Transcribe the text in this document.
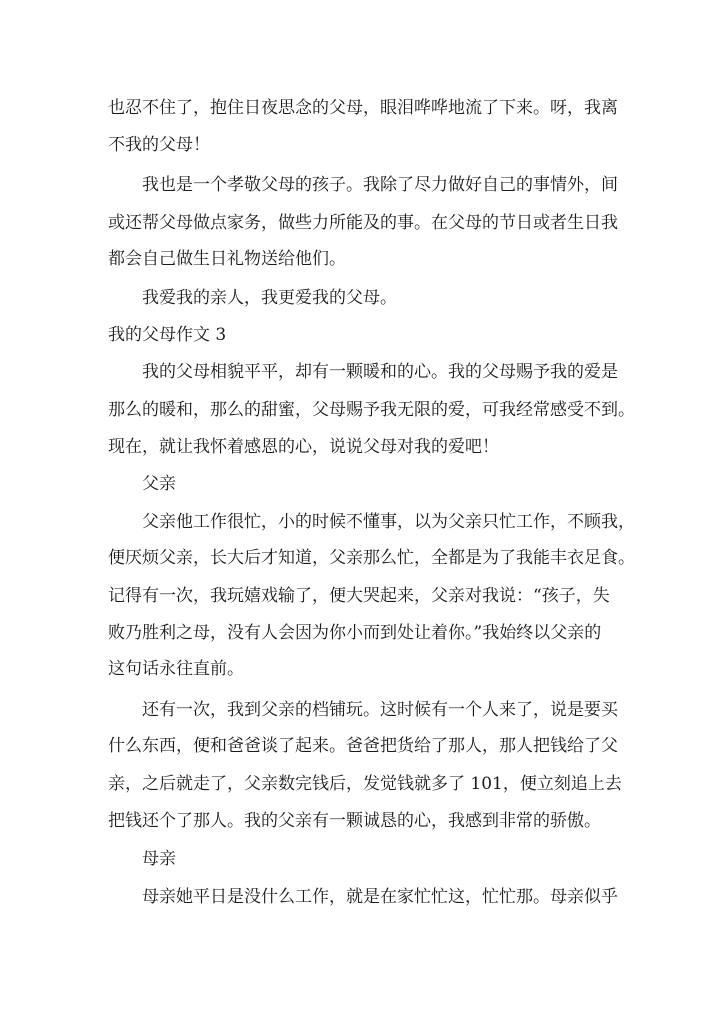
也忍不住了，抱住日夜思念的父母，眼泪哗哗地流了下来。呀，我离
不我的父母！
我也是一个孝敬父母的孩子。我除了尽力做好自己的事情外，间
或还帮父母做点家务，做些力所能及的事。在父母的节日或者生日我
都会自己做生日礼物送给他们。
我爱我的亲人，我更爱我的父母。
我的父母作文 3
我的父母相貌平平，却有一颗暖和的心。我的父母赐予我的爱是
那么的暖和，那么的甜蜜，父母赐予我无限的爱，可我经常感受不到。
现在，就让我怀着感恩的心，说说父母对我的爱吧！
父亲
父亲他工作很忙，小的时候不懂事，以为父亲只忙工作，不顾我，
便厌烦父亲，长大后才知道，父亲那么忙，全都是为了我能丰衣足食。
记得有一次，我玩嬉戏输了，便大哭起来，父亲对我说：“孩子，失
败乃胜利之母，没有人会因为你小而到处让着你。”我始终以父亲的
这句话永往直前。
还有一次，我到父亲的档铺玩。这时候有一个人来了，说是要买
什么东西，便和爸爸谈了起来。爸爸把货给了那人，那人把钱给了父
亲，之后就走了，父亲数完钱后，发觉钱就多了 101，便立刻追上去
把钱还个了那人。我的父亲有一颗诚恳的心，我感到非常的骄傲。
母亲
母亲她平日是没什么工作，就是在家忙忙这，忙忙那。母亲似乎
